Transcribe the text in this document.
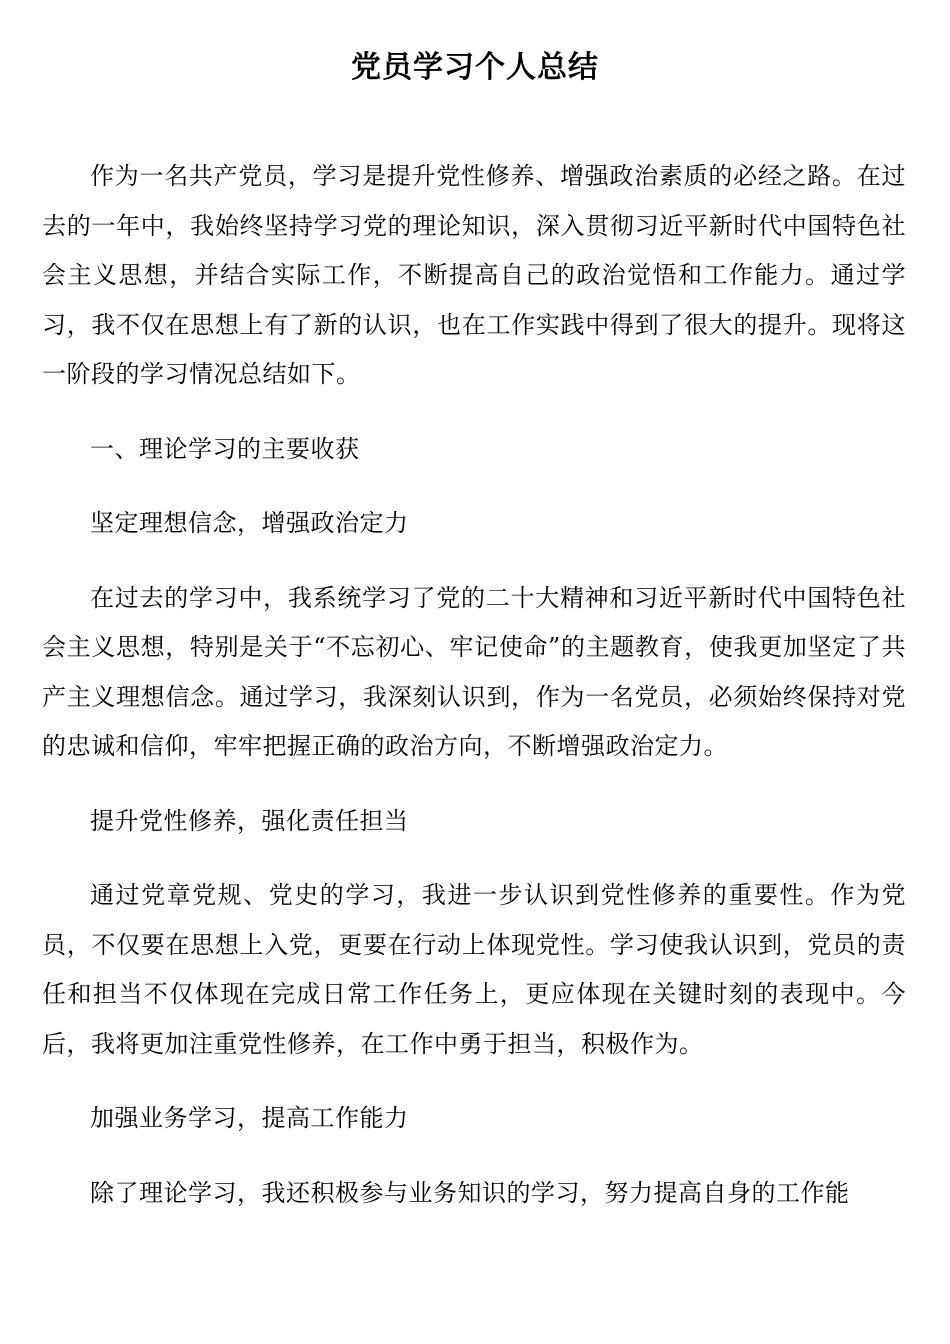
党员学习个人总结

作为一名共产党员，学习是提升党性修养、增强政治素质的必经之路。在过去的一年中，我始终坚持学习党的理论知识，深入贯彻习近平新时代中国特色社会主义思想，并结合实际工作，不断提高自己的政治觉悟和工作能力。通过学习，我不仅在思想上有了新的认识，也在工作实践中得到了很大的提升。现将这一阶段的学习情况总结如下。

一、理论学习的主要收获

坚定理想信念，增强政治定力

在过去的学习中，我系统学习了党的二十大精神和习近平新时代中国特色社会主义思想，特别是关于“不忘初心、牢记使命”的主题教育，使我更加坚定了共产主义理想信念。通过学习，我深刻认识到，作为一名党员，必须始终保持对党的忠诚和信仰，牢牢把握正确的政治方向，不断增强政治定力。

提升党性修养，强化责任担当

通过党章党规、党史的学习，我进一步认识到党性修养的重要性。作为党员，不仅要在思想上入党，更要在行动上体现党性。学习使我认识到，党员的责任和担当不仅体现在完成日常工作任务上，更应体现在关键时刻的表现中。今后，我将更加注重党性修养，在工作中勇于担当，积极作为。

加强业务学习，提高工作能力

除了理论学习，我还积极参与业务知识的学习，努力提高自身的工作能
